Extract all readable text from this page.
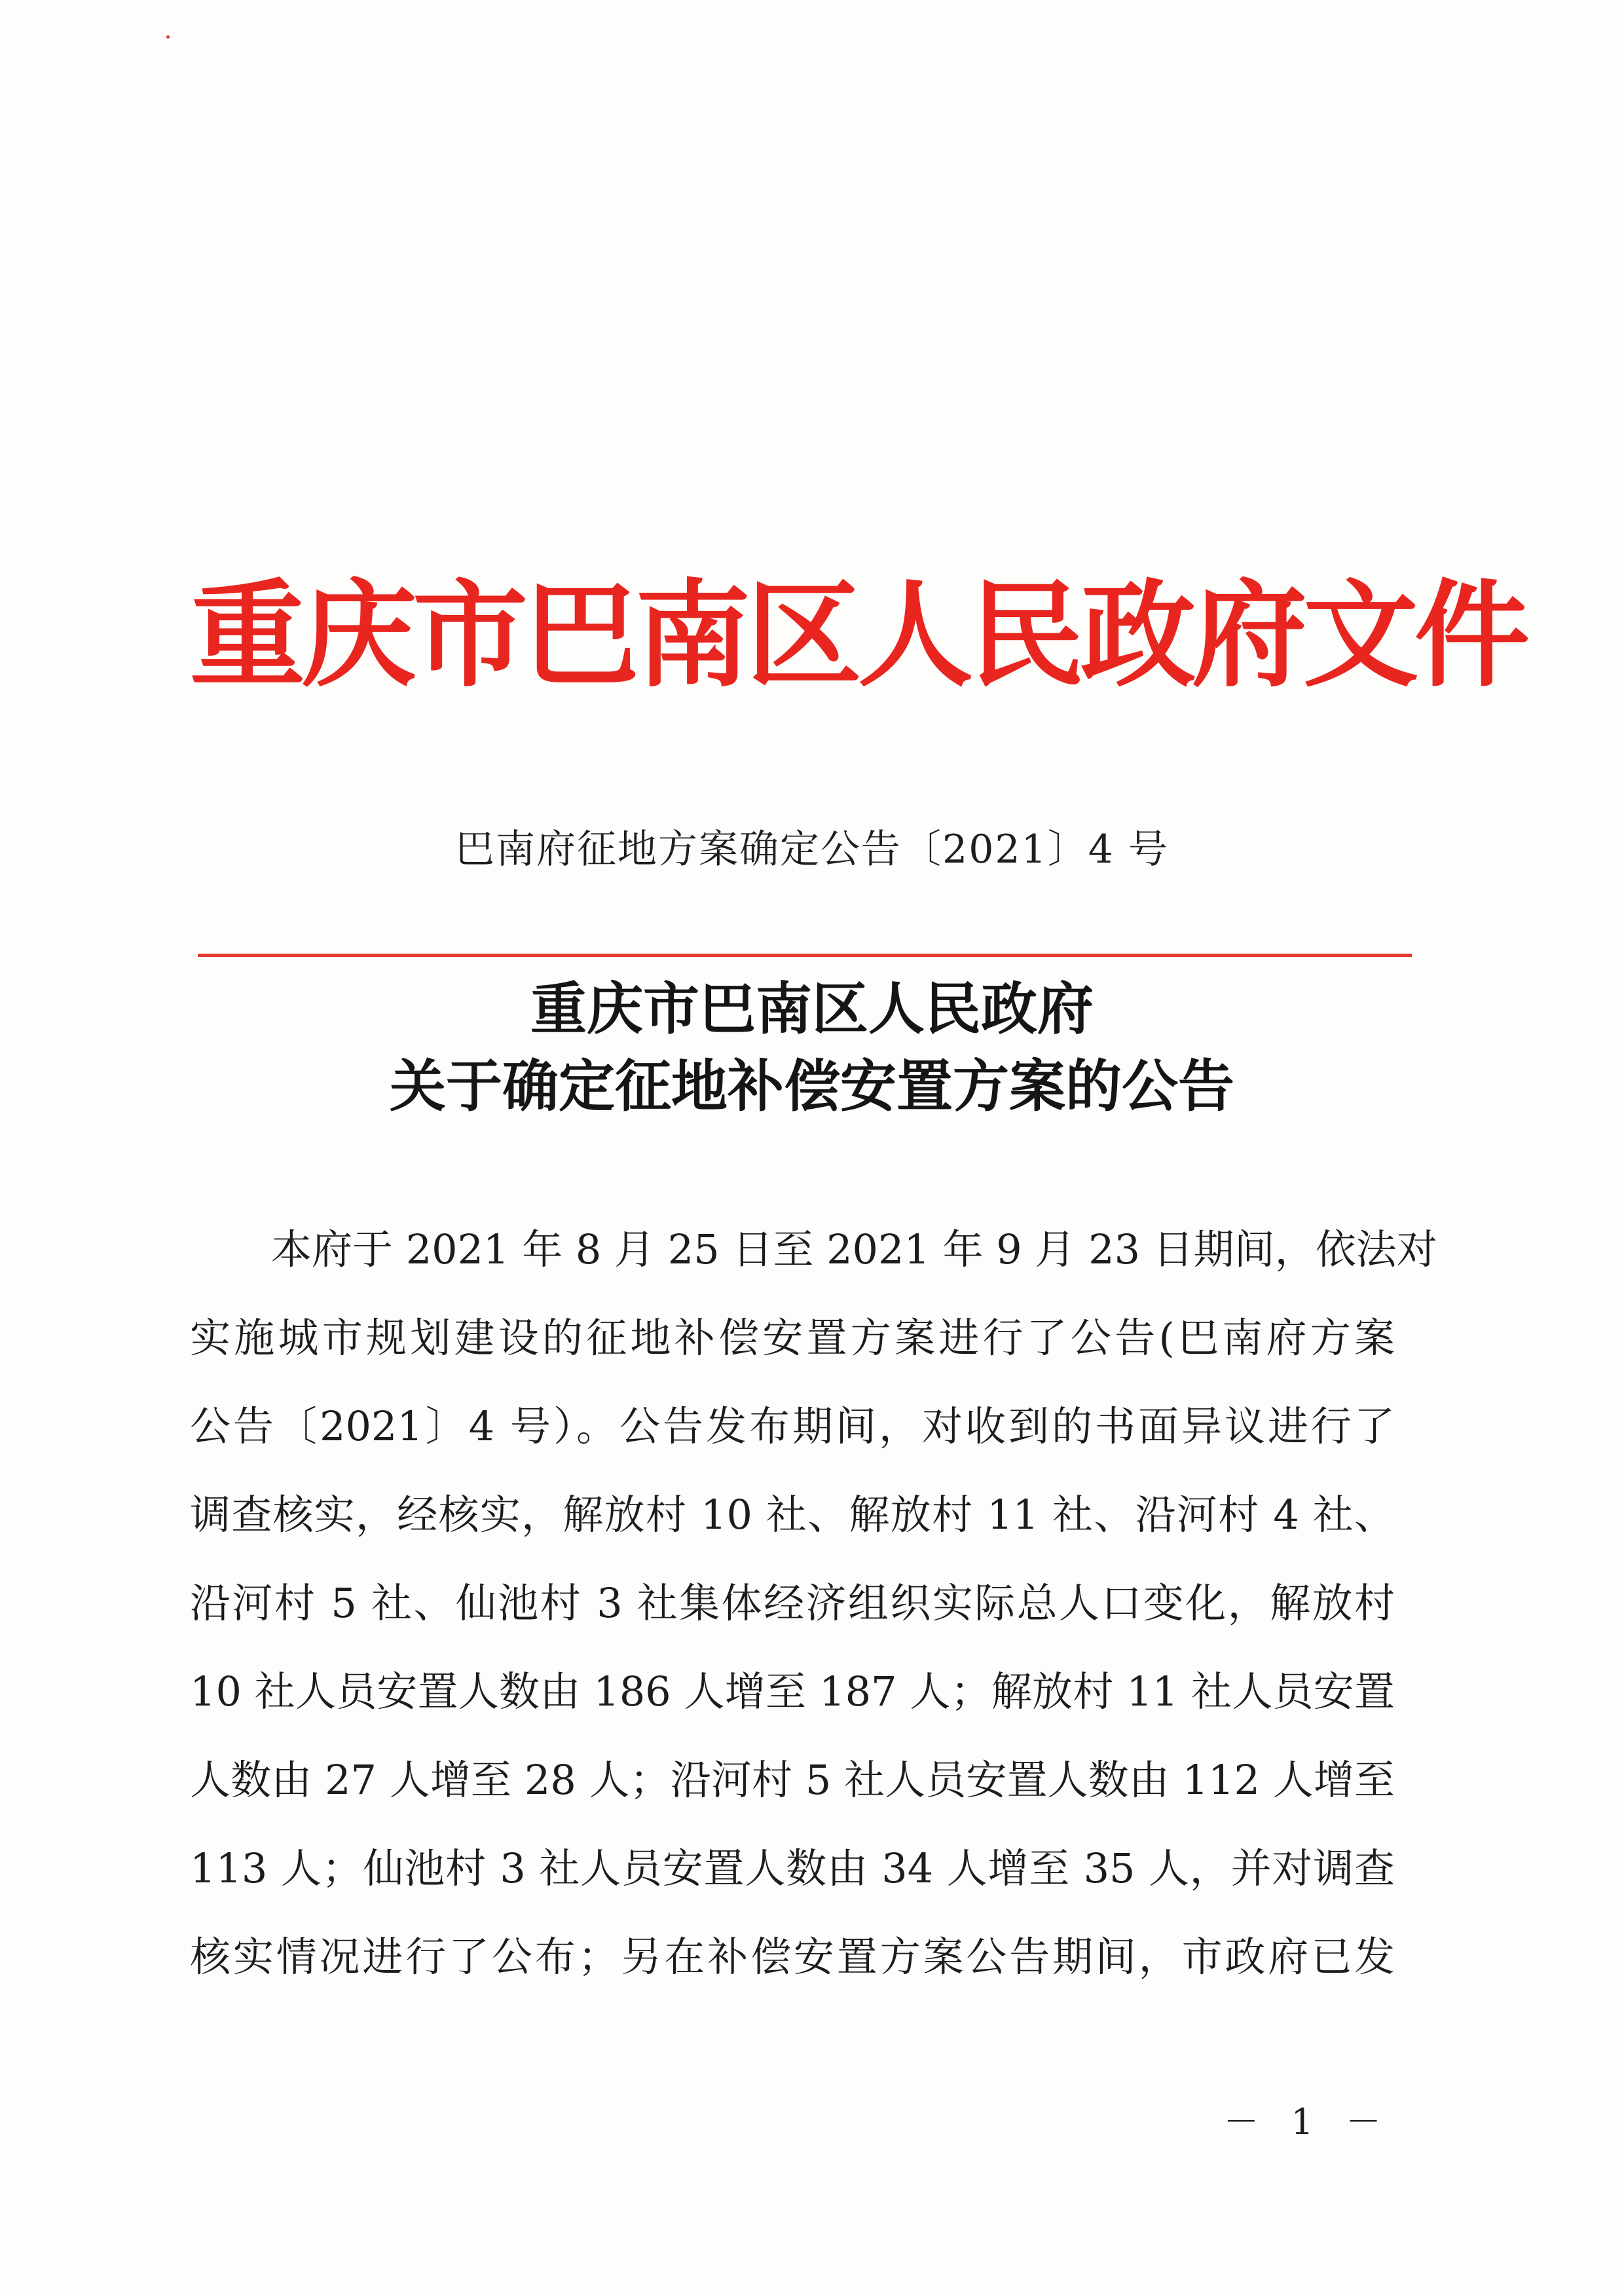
重庆市巴南区人民政府文件
巴南府征地方案确定公告〔2021〕4 号
重庆市巴南区人民政府
关于确定征地补偿安置方案的公告
本府于 2021 年 8 月 25 日至 2021 年 9 月 23 日期间，依法对
实施城市规划建设的征地补偿安置方案进行了公告(巴南府方案
公告〔2021〕4 号）。公告发布期间，对收到的书面异议进行了
调查核实，经核实，解放村 10 社、解放村 11 社、沿河村 4 社、
沿河村 5 社、仙池村 3 社集体经济组织实际总人口变化，解放村
10 社人员安置人数由 186 人增至 187 人；解放村 11 社人员安置
人数由 27 人增至 28 人；沿河村 5 社人员安置人数由 112 人增至
113 人；仙池村 3 社人员安置人数由 34 人增至 35 人，并对调查
核实情况进行了公布；另在补偿安置方案公告期间，市政府已发
－ 1 －
